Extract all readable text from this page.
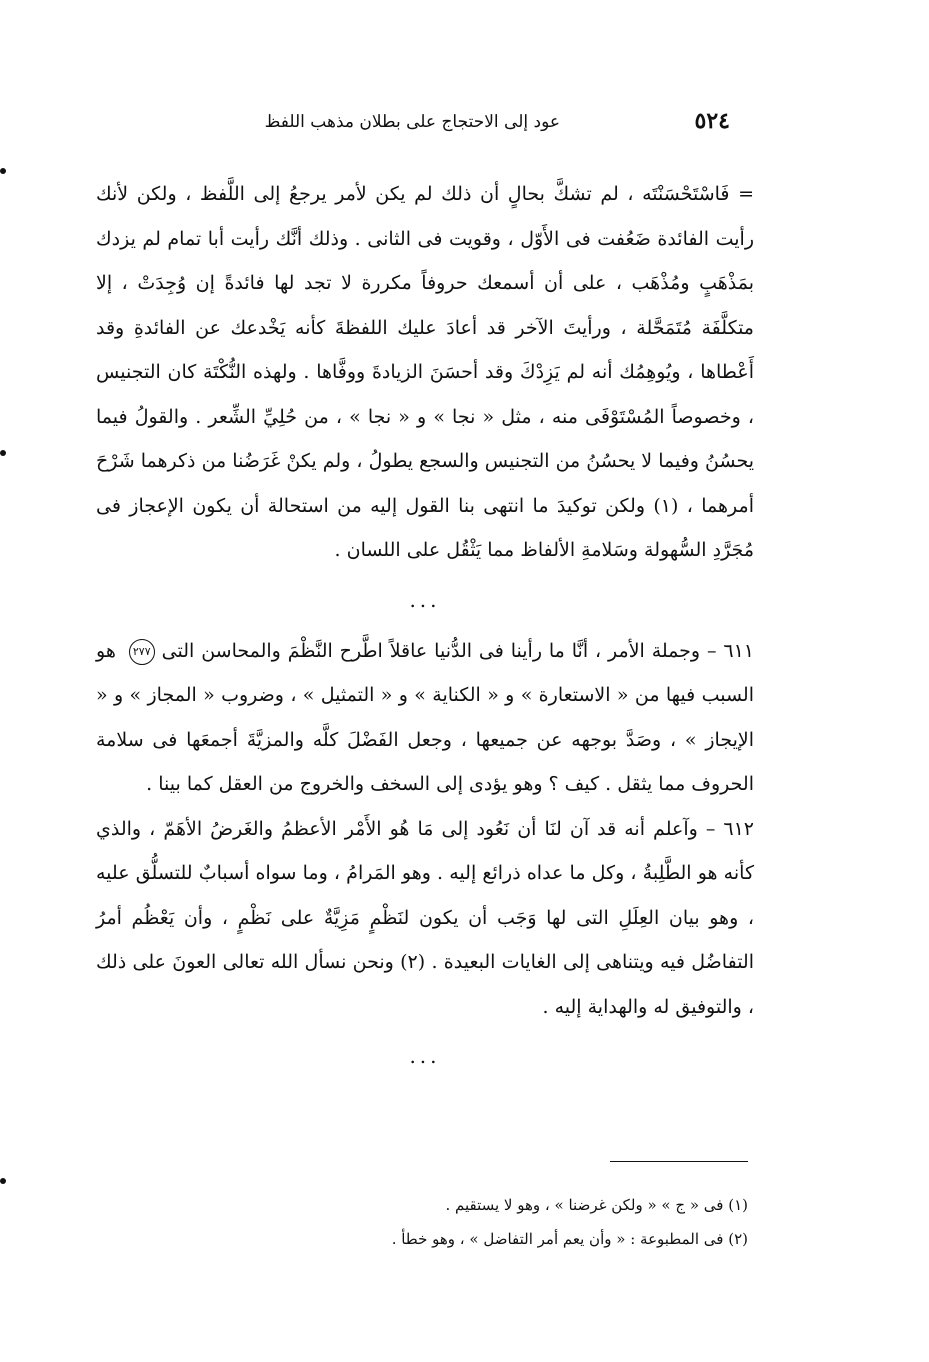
٥٢٤
عود إلى الاحتجاج على بطلان مذهب اللفظ

= فَاسْتَحْسَنْتَه ، لم تشكَّ بحالٍ أن ذلك لم يكن لأمر يرجعُ إلى اللَّفظ ، ولكن لأنك رأيت الفائدة ضَعُفت فى الأَوّل ، وقويت فى الثانى . وذلك أنَّك رأيت أبا تمام لم يزدك بمَذْهَبٍ ومُذْهَب ، على أن أسمعك حروفاً مكررة لا تجد لها فائدةً إن وُجِدَتْ ، إلا متكلَّفَة مُتَمَحَّلة ، ورأيتَ الآخر قد أعادَ عليك اللفظةَ كأنه يَخْدعك عن الفائدةِ وقد أَعْطاها ، ويُوهِمُك أنه لم يَزِدْكَ وقد أحسَنَ الزيادةَ ووفَّاها . ولهذه النُّكْتَة كان التجنيس ، وخصوصاً المُسْتَوْفَى منه ، مثل « نجا » و « نجا » ، من حُلِيِّ الشِّعر . والقولُ فيما يحسُنُ وفيما لا يحسُنُ من التجنيس والسجع يطولُ ، ولم يكنْ غَرَضُنا من ذكرهما شَرْحَ أمرهما ، (١) ولكن توكيدَ ما انتهى بنا القول إليه من استحالة أن يكون الإعجاز فى مُجَرَّدِ السُّهولة وسَلامةِ الألفاظ مما يَثْقُل على اللسان .

...

٦١١ – وجملة الأمر ، أنَّا ما رأينا فى الدُّنيا عاقلاً اطَّرح النَّظْمَ والمحاسن التى ٢٧٧ هو السبب فيها من « الاستعارة » و « الكناية » و « التمثيل » ، وضروب « المجاز » و « الإيجاز » ، وصَدَّ بوجهه عن جميعها ، وجعل الفَضْلَ كلَّه والمزيَّةَ أجمعَها فى سلامة الحروف مما يثقل . كيف ؟ وهو يؤدى إلى السخف والخروج من العقل كما بينا .

٦١٢ – وآعلم أنه قد آن لنَا أن نَعُود إلى مَا هُو الأَمْر الأعظمُ والغَرضُ الأهَمّ ، والذي كأنه هو الطَّلِبةُ ، وكل ما عداه ذرائع إليه . وهو المَرامُ ، وما سواه أسبابٌ للتسلُّق عليه ، وهو بيان العِلَلِ التى لها وَجَب أن يكون لنَظْمٍ مَزِيَّةٌ على نَظْمٍ ، وأن يَعْظُم أمرُ التفاضُل فيه ويتناهى إلى الغايات البعيدة . (٢) ونحن نسأل الله تعالى العونَ على ذلك ، والتوفيق له والهداية إليه .

...

(١) فى « ج » « ولكن غرضنا » ، وهو لا يستقيم .

(٢) فى المطبوعة : « وأن يعم أمر التفاضل » ، وهو خطأ .
